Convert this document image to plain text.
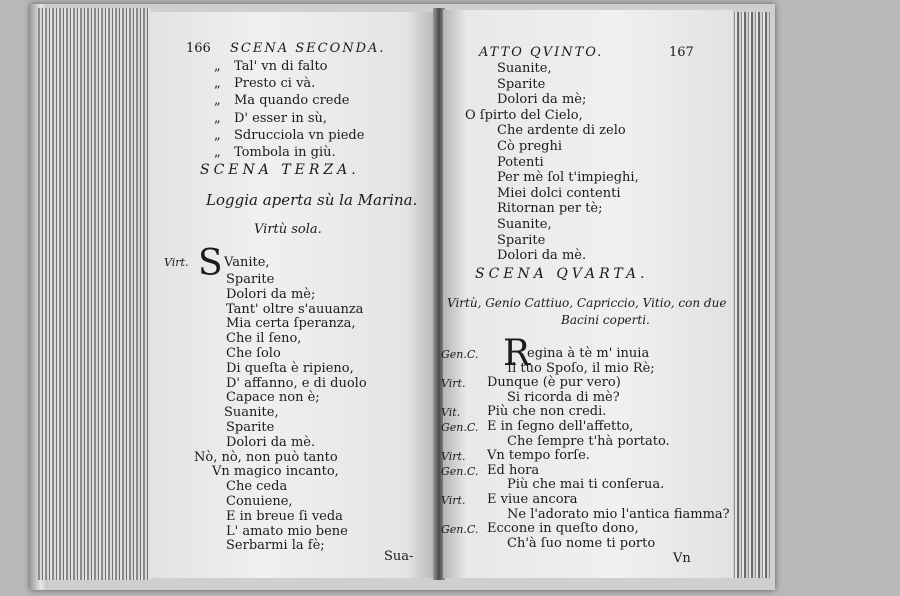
166 SCENA SECONDA.
„ Tal' vn di falto
„ Presto ci và.
„ Ma quando crede
„ D' esser in sù,
„ Sdrucciola vn piede
„ Tombola in giù.
SCENA TERZA.
Loggia aperta sù la Marina.
Virtù sola.
Virt. S Vanite,
Sparite
Dolori da mè;
Tant' oltre s'auuanza
Mia certa ſperanza,
Che il ſeno,
Che ſolo
Di queſta è ripieno,
D' affanno, e di duolo
Capace non è;
Suanite,
Sparite
Dolori da mè.
Nò, nò, non può tanto
Vn magico incanto,
Che ceda
Conuiene,
E in breue ſi veda
L' amato mio bene
Serbarmi la fè;
Sua-
ATTO QVINTO.	167
Suanite,
Sparite
Dolori da mè;
O ſpirto del Cielo,
Che ardente di zelo
Cò preghi
Potenti
Per mè ſol t'impieghi,
Miei dolci contenti
Ritornan per tè;
Suanite,
Sparite
Dolori da mè.
SCENA QVARTA.
Virtù, Genio Cattiuo, Capriccio, Vitio, con due
Bacini coperti.
R
Gen.C.	egina à tè m' inuia
Il tuo Spoſo, il mio Rè;
Virt. Dunque (è pur vero)
Si ricorda di mè?
Vit. Più che non credi.
Gen.C. E in ſegno dell'affetto,
Che ſempre t'hà portato.
Virt. Vn tempo forſe.
Gen.C. Ed hora
Più che mai ti conſerua.
Virt. E viue ancora
Ne l'adorato mio l'antica fiamma?
Gen.C. Eccone in queſto dono,
Ch'à ſuo nome ti porto
Vn
